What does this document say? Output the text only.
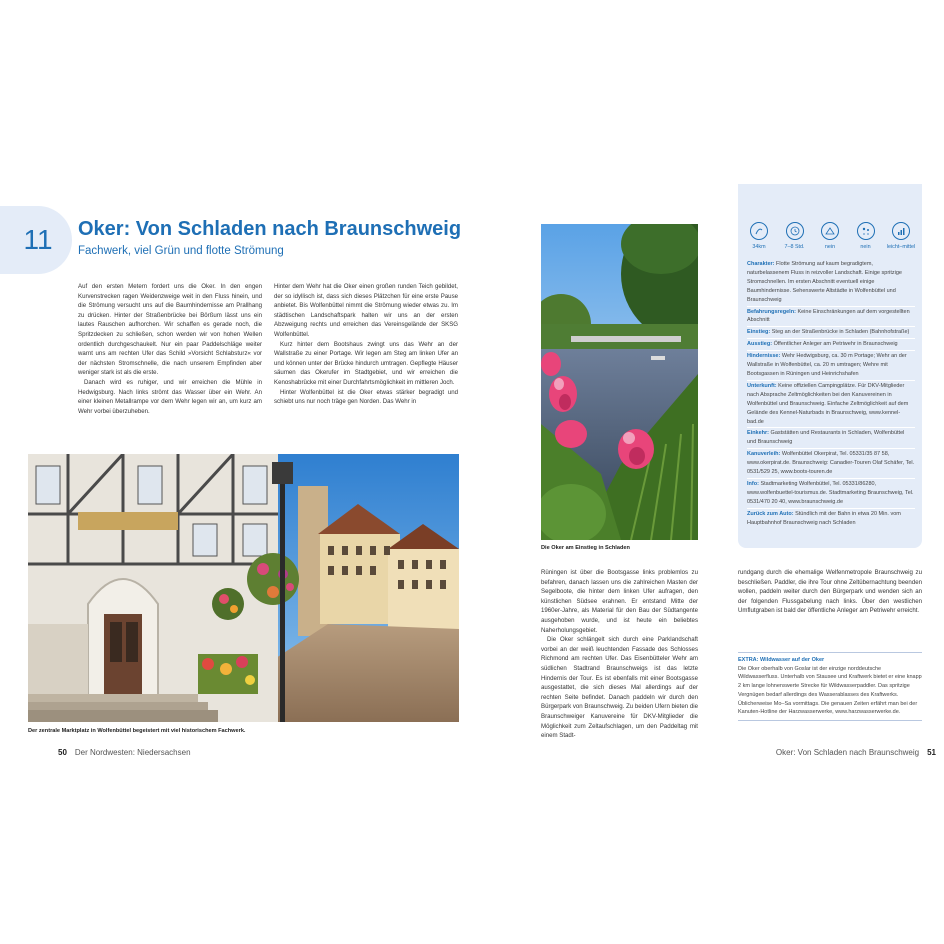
11 Oker: Von Schladen nach Braunschweig
Fachwerk, viel Grün und flotte Strömung

Auf den ersten Metern fordert uns die Oker. In den engen Kurvenstrecken ragen Weidenzweige weit in den Fluss hinein, und die Strömung versucht uns auf die Baumhindernisse am Prallhang zu drücken. Hinter der Straßenbrücke bei Börßum lässt uns ein lautes Rauschen aufhorchen. Wir schaffen es gerade noch, die Spritzdecken zu schließen, schon werden wir von hohen Wellen ordentlich durchgeschaukelt. Nur ein paar Paddelschläge weiter warnt uns am rechten Ufer das Schild »Vorsicht Schlabsturz« vor der nächsten Stromschnelle, die nach unserem Empfinden aber weniger stark ist als die erste.

Danach wird es ruhiger, und wir erreichen die Mühle in Hedwigsburg. Nach links strömt das Wasser über ein Wehr. An einer kleinen Metallrampe vor dem Wehr legen wir an, um kurz am Wehr vorbei überzuheben.

Hinter dem Wehr hat die Oker einen großen runden Teich gebildet, der so idyllisch ist, dass sich dieses Plätzchen für eine erste Pause anbietet. Bis Wolfenbüttel nimmt die Strömung wieder etwas zu. Im städtischen Landschaftspark halten wir uns an der ersten Abzweigung rechts und erreichen das Vereinsgelände der SKSG Wolfenbüttel.

Kurz hinter dem Bootshaus zwingt uns das Wehr an der Wallstraße zu einer Portage. Wir legen am Steg am linken Ufer an und können unter der Brücke hindurch umtragen. Gepflegte Häuser säumen das Okerufer im Stadtgebiet, und wir erreichen die Kenoshabrücke mit einer Durchfahrtsmöglichkeit im mittleren Joch.

Hinter Wolfenbüttel ist die Oker etwas stärker begradigt und schiebt uns nur noch träge gen Norden. Das Wehr in

Der zentrale Marktplatz in Wolfenbüttel begeistert mit viel historischem Fachwerk.
50 Der Nordwesten: Niedersachsen
Die Oker am Einstieg in Schladen

Rüningen ist über die Bootsgasse links problemlos zu befahren, danach lassen uns die zahlreichen Masten der Segelboote, die hinter dem linken Ufer aufragen, den künstlichen Südsee erahnen. Er entstand Mitte der 1960er-Jahre, als Material für den Bau der Südtangente ausgehoben wurde, und ist heute ein beliebtes Naherholungsgebiet.

Die Oker schlängelt sich durch eine Parklandschaft vorbei an der weiß leuchtenden Fassade des Schlosses Richmond am rechten Ufer. Das Eisenbütteler Wehr am südlichen Stadtrand Braunschweigs ist das letzte Hindernis der Tour. Es ist ebenfalls mit einer Bootsgasse ausgestattet, die sich dieses Mal allerdings auf der rechten Seite befindet. Danach paddeln wir durch den Bürgerpark von Braunschweig. Zu beiden Ufern bieten die Braunschweiger Kanuvereine für DKV-Mitglieder die Möglichkeit zum Zeltaufschlagen, um den Paddeltag mit einem Stadt-

rundgang durch die ehemalige Welfenmetropole Braunschweig zu beschließen. Paddler, die ihre Tour ohne Zeltübernachtung beenden wollen, paddeln weiter durch den Bürgerpark und wenden sich an der folgenden Flussgabelung nach links. Über den westlichen Umflutgraben ist bald der öffentliche Anleger am Petriwehr erreicht.

Oker: Von Schladen nach Braunschweig 51
34km	7–8 Std.	nein	nein	leicht–mittel
Charakter: Flotte Strömung auf kaum begradigtem, naturbelassenem Fluss in reizvoller Landschaft. Einige spritzige Stromschnellen. Im ersten Abschnitt eventuell einige Baumhindernisse. Sehenswerte Altstädte in Wolfenbüttel und Braunschweig
Befahrungsregeln: Keine Einschränkungen auf dem vorgestellten Abschnitt
Einstieg: Steg an der Straßenbrücke in Schladen (Bahnhofstraße)
Ausstieg: Öffentlicher Anleger am Petriwehr in Braunschweig
Hindernisse: Wehr Hedwigsburg, ca. 30 m Portage; Wehr an der Wallstraße in Wolfenbüttel, ca. 20 m umtragen; Wehre mit Bootsgassen in Rüningen und Heinrichshafen
Unterkunft: Keine offiziellen Campingplätze. Für DKV-Mitglieder nach Absprache Zeltmöglichkeiten bei den Kanuvereinen in Wolfenbüttel und Braunschweig. Einfache Zeltmöglichkeit auf dem Gelände des Kennel-Naturbads in Braunschweig, www.kennel-bad.de
Einkehr: Gaststätten und Restaurants in Schladen, Wolfenbüttel und Braunschweig
Kanuverleih: Wolfenbüttel Okerpirat, Tel. 05331/35 87 58, www.okerpirat.de. Braunschweig: Canadier-Touren Olaf Schäfer, Tel. 0531/529 25, www.boots-touren.de
Info: Stadtmarketing Wolfenbüttel, Tel. 05331/86280, www.wolfenbuettel-tourismus.de. Stadtmarketing Braunschweig, Tel. 0531/470 20 40, www.braunschweig.de
Zurück zum Auto: Stündlich mit der Bahn in etwa 20 Min. vom Hauptbahnhof Braunschweig nach Schladen
EXTRA: Wildwasser auf der Oker
Die Oker oberhalb von Goslar ist der einzige norddeutsche Wildwasserfluss. Unterhalb von Stausee und Kraftwerk bietet er eine knapp 2 km lange lohnenswerte Strecke für Wildwasserpaddler. Das spritzige Vergnügen bedarf allerdings des Wasserablasses des Kraftwerks. Üblicherweise Mo–Sa vormittags. Die genauen Zeiten erfährt man bei der Kanuten-Hotline der Harzwasserwerke, www.harzwasserwerke.de.
